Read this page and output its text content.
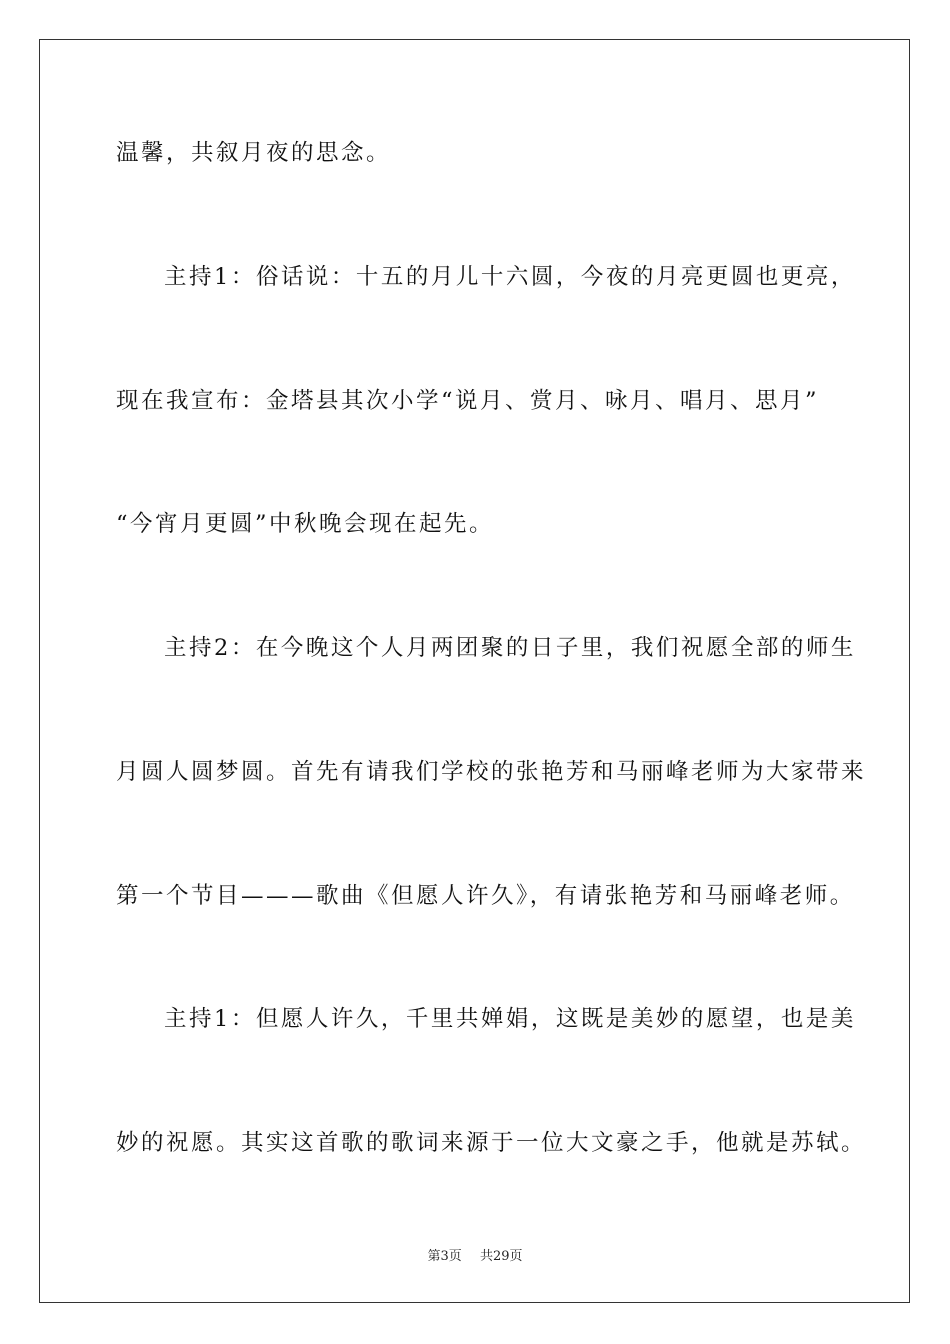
温馨，共叙月夜的思念。
主持1：俗话说：十五的月儿十六圆，今夜的月亮更圆也更亮，
现在我宣布：金塔县其次小学“说月、赏月、咏月、唱月、思月”
“今宵月更圆”中秋晚会现在起先。
主持2：在今晚这个人月两团聚的日子里，我们祝愿全部的师生
月圆人圆梦圆。首先有请我们学校的张艳芳和马丽峰老师为大家带来
第一个节目———歌曲《但愿人许久》，有请张艳芳和马丽峰老师。
主持1：但愿人许久，千里共婵娟，这既是美妙的愿望，也是美
妙的祝愿。其实这首歌的歌词来源于一位大文豪之手，他就是苏轼。
第3页 共29页
